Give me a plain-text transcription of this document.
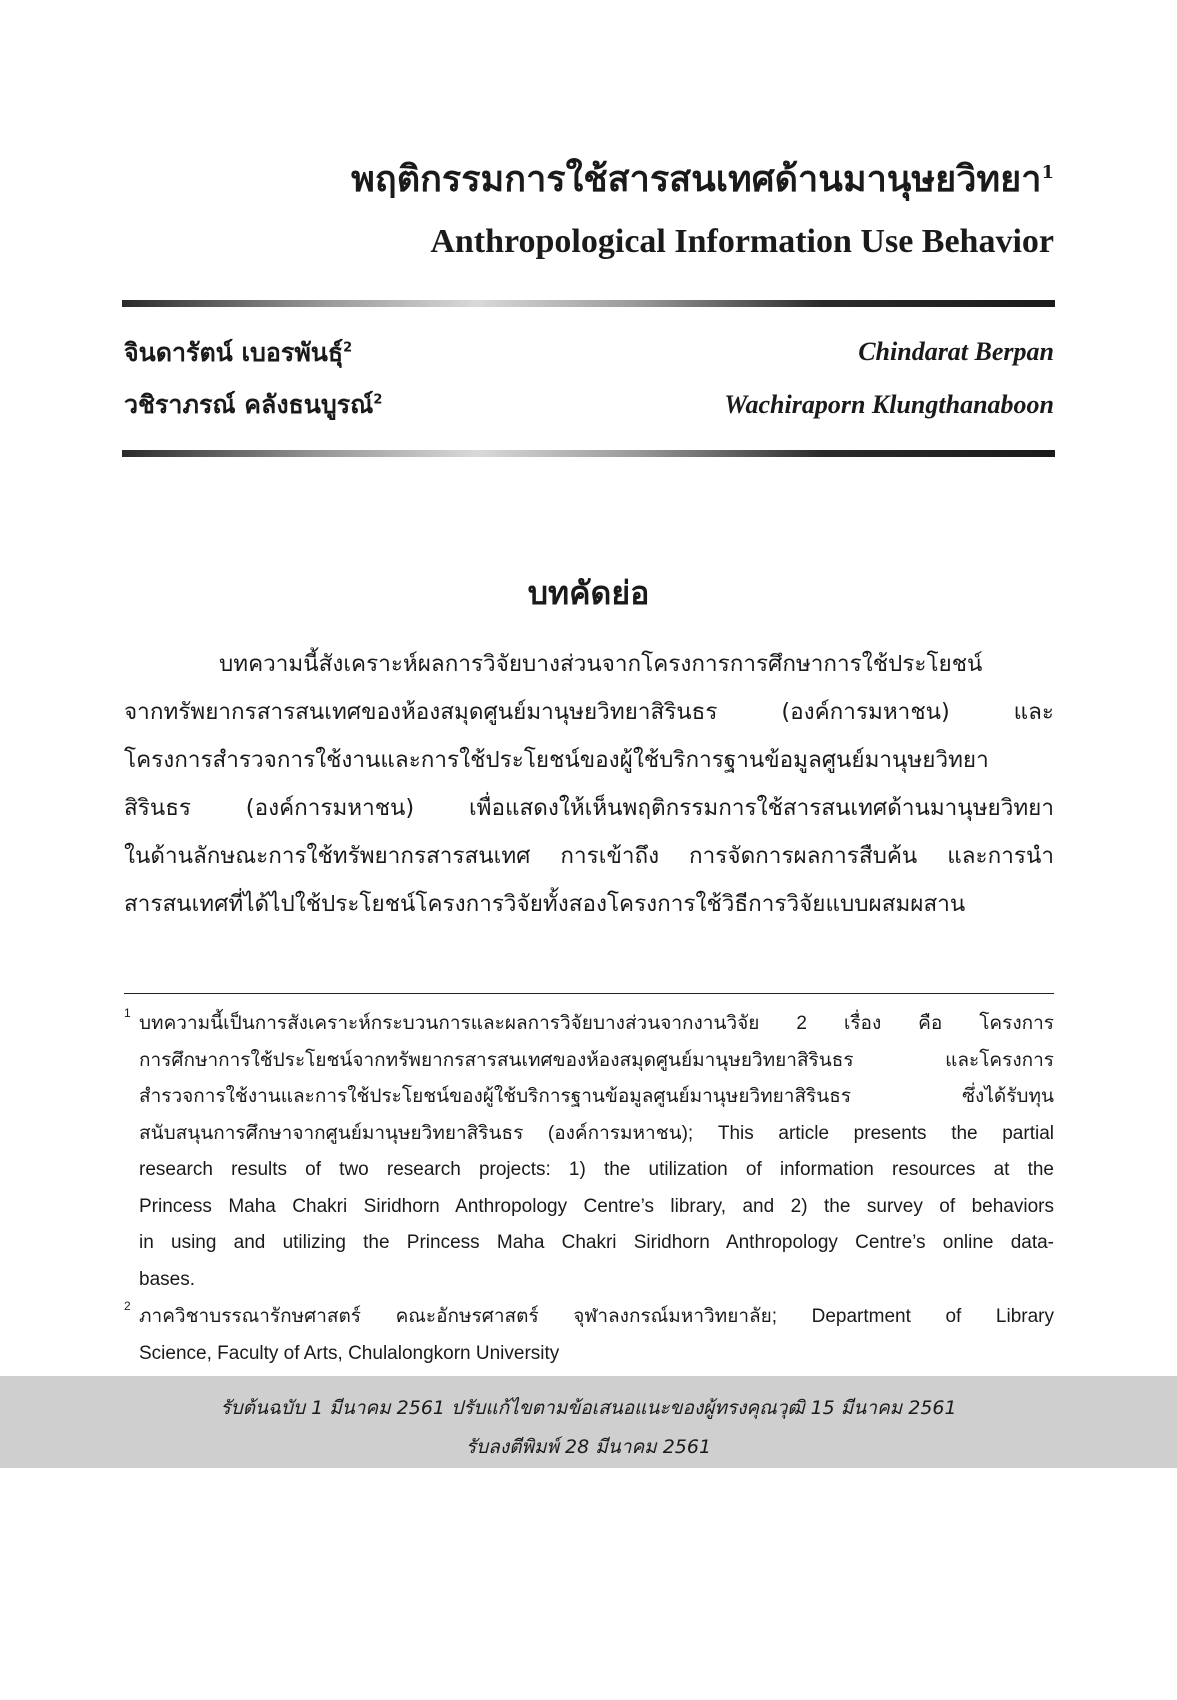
พฤติกรรมการใช้สารสนเทศด้านมานุษยวิทยา$^1$
Anthropological Information Use Behavior
จินดารัตน์ เบอรพันธุ์$^2$	Chindarat Berpan
วชิราภรณ์ คลังธนบูรณ์$^2$	Wachiraporn Klungthanaboon
บทคัดย่อ
บทความนี้สังเคราะห์ผลการวิจัยบางส่วนจากโครงการการศึกษาการใช้ประโยชน์
จากทรัพยากรสารสนเทศของห้องสมุดศูนย์มานุษยวิทยาสิรินธร (องค์การมหาชน) และ
โครงการสำรวจการใช้งานและการใช้ประโยชน์ของผู้ใช้บริการฐานข้อมูลศูนย์มานุษยวิทยา
สิรินธร (องค์การมหาชน) เพื่อแสดงให้เห็นพฤติกรรมการใช้สารสนเทศด้านมานุษยวิทยา
ในด้านลักษณะการใช้ทรัพยากรสารสนเทศ การเข้าถึง การจัดการผลการสืบค้น และการนำ
สารสนเทศที่ได้ไปใช้ประโยชน์โครงการวิจัยทั้งสองโครงการใช้วิธีการวิจัยแบบผสมผสาน
1 บทความนี้เป็นการสังเคราะห์กระบวนการและผลการวิจัยบางส่วนจากงานวิจัย 2 เรื่อง คือ โครงการ
การศึกษาการใช้ประโยชน์จากทรัพยากรสารสนเทศของห้องสมุดศูนย์มานุษยวิทยาสิรินธร และโครงการ
สำรวจการใช้งานและการใช้ประโยชน์ของผู้ใช้บริการฐานข้อมูลศูนย์มานุษยวิทยาสิรินธร ซึ่งได้รับทุน
สนับสนุนการศึกษาจากศูนย์มานุษยวิทยาสิรินธร (องค์การมหาชน); This article presents the partial
research results of two research projects: 1) the utilization of information resources at the
Princess Maha Chakri Siridhorn Anthropology Centre’s library, and 2) the survey of behaviors
in using and utilizing the Princess Maha Chakri Siridhorn Anthropology Centre’s online data-
bases.
2 ภาควิชาบรรณารักษศาสตร์ คณะอักษรศาสตร์ จุฬาลงกรณ์มหาวิทยาลัย; Department of Library
Science, Faculty of Arts, Chulalongkorn University
รับต้นฉบับ 1 มีนาคม 2561 ปรับแก้ไขตามข้อเสนอแนะของผู้ทรงคุณวุฒิ 15 มีนาคม 2561
รับลงตีพิมพ์ 28 มีนาคม 2561
